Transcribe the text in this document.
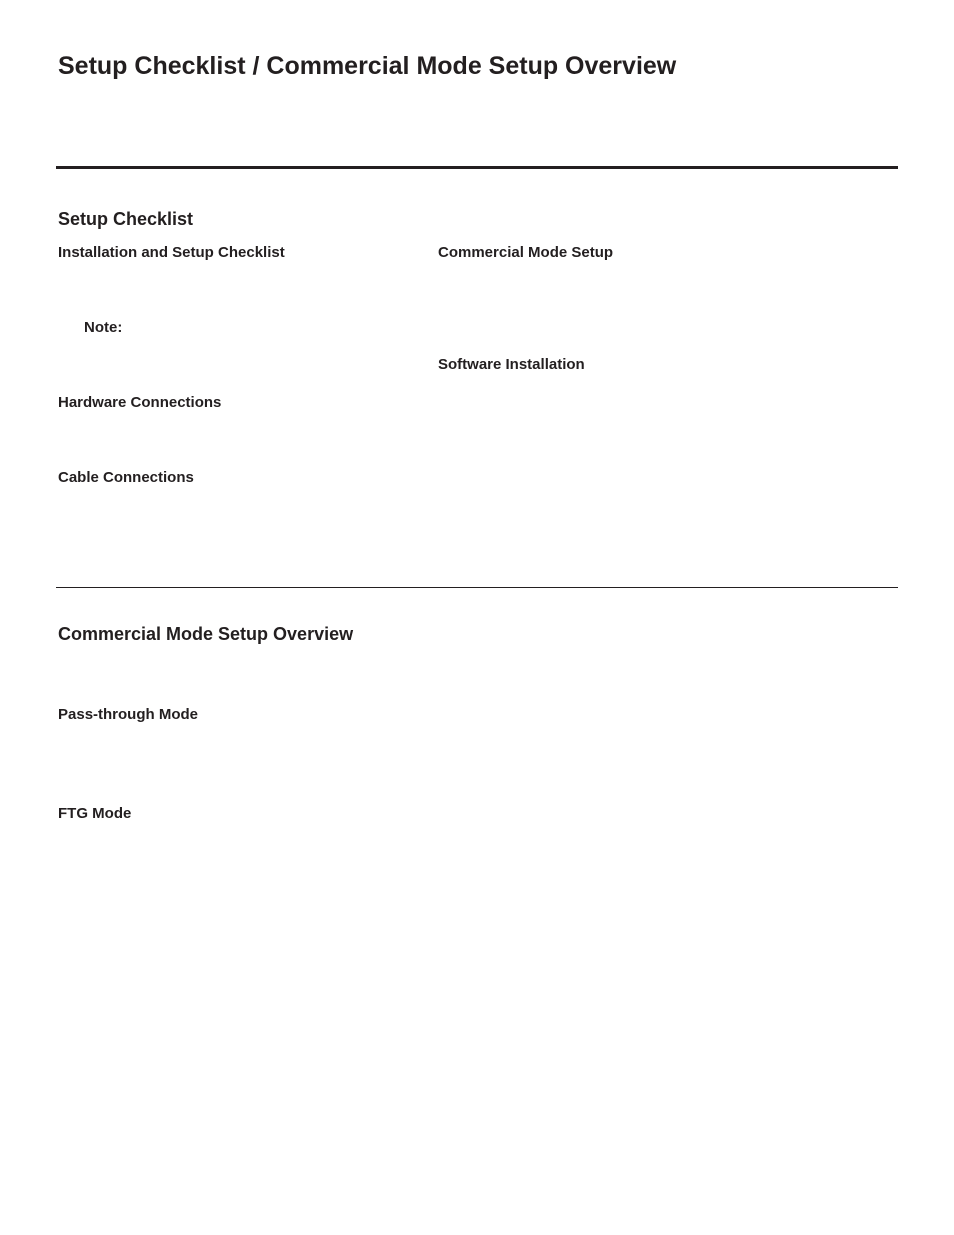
Setup Checklist / Commercial Mode Setup Overview
Setup Checklist
Installation and Setup Checklist	Commercial Mode Setup
Note:
Software Installation
Hardware Connections
Cable Connections
Commercial Mode Setup Overview
Pass-through Mode
FTG Mode
